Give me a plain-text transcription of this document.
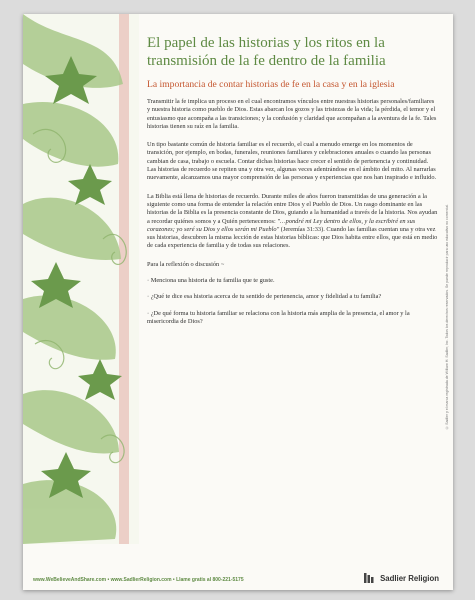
El papel de las historias y los ritos en la transmisión de la fe dentro de la familia
La importancia de contar historias de fe en la casa y en la iglesia

Transmitir la fe implica un proceso en el cual encontramos vínculos entre nuestras historias personales/familiares y nuestra historia como pueblo de Dios. Estas abarcan los gozos y las tristezas de la vida; la pérdida, el temor y el entusiasmo que acompaña a las transiciones; y la confusión y claridad que acompañan a la aventura de la fe. Tales historias tienen su raíz en la familia.

Un tipo bastante común de historia familiar es el recuerdo, el cual a menudo emerge en los momentos de transición, por ejemplo, en bodas, funerales, reuniones familiares y celebraciones anuales o cuando las personas cambian de casa, trabajo o escuela. Contar dichas historias hace crecer el sentido de pertenencia y continuidad. Las historias de recuerdo se repiten una y otra vez, algunas veces adentrándose en el ámbito del mito. Al narrarlas nuevamente, alcanzamos una mayor comprensión de las personas y experiencias que nos han inspirado e influido.

La Biblia está llena de historias de recuerdo. Durante miles de años fueron transmitidas de una generación a la siguiente como una forma de entender la relación entre Dios y el Pueblo de Dios. Un rasgo dominante en las historias de la Biblia es la presencia constante de Dios, guiando a la humanidad a través de la historia. Nos ayudan a recordar quiénes somos y a Quién pertenecemos: "…pondré mi Ley dentro de ellos, y la escribiré en sus corazones; yo seré su Dios y ellos serán mi Pueblo" (Jeremías 31:33). Cuando las familias cuentan una y otra vez sus historias, descubren la misma lección de estas historias bíblicas: que Dios habita entre ellos, que está en medio de cada experiencia de familia y de todas sus relaciones.

Para la reflexión o discusión ~

· Menciona una historia de tu familia que te guste.

· ¿Qué te dice esa historia acerca de tu sentido de pertenencia, amor y fidelidad a tu familia?

· ¿De qué forma tu historia familiar se relaciona con la historia más amplia de la presencia, el amor y la misericordia de Dios?	© Sadlier y el marca registrada de William H. Sadlier, Inc. Todos los derechos reservados. Se puede reproducir para uso educativo no comercial.
www.WeBelieveAndShare.com • www.SadlierReligion.com • Llame gratis al 800-221-5175	Sadlier Religion
